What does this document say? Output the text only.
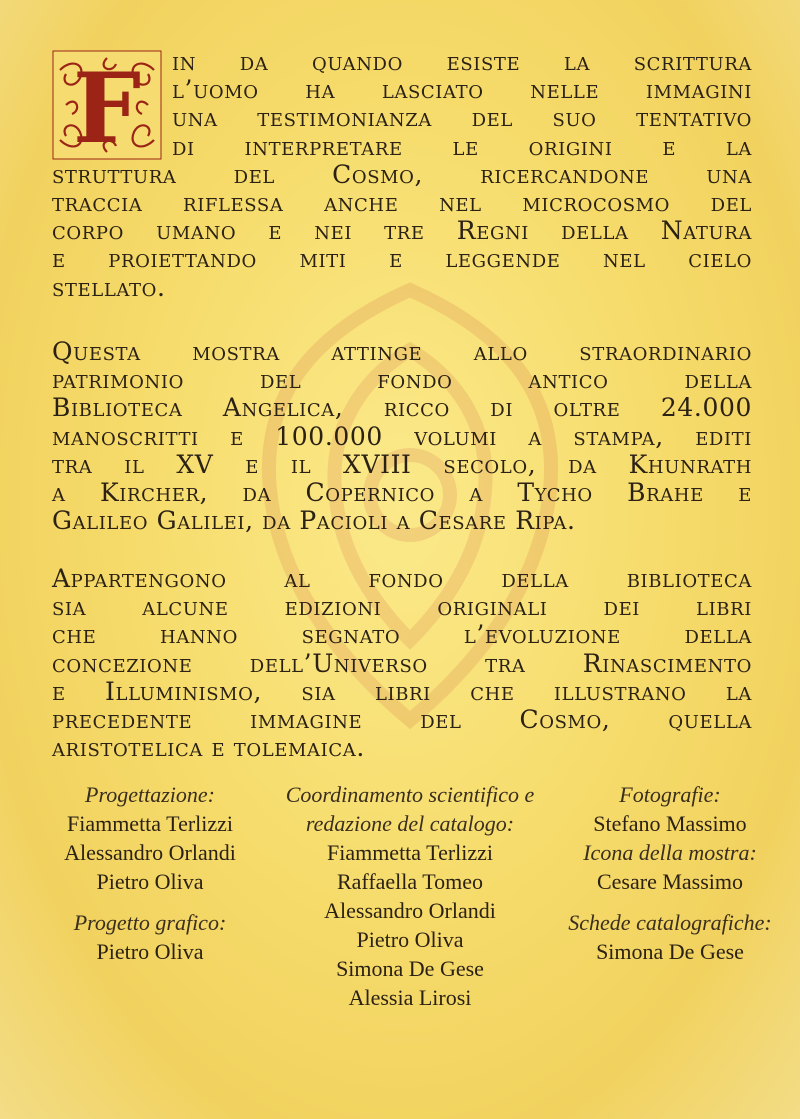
F in da quando esiste la scrittura
l’uomo ha lasciato nelle immagini
una testimonianza del suo tentativo
di interpretare le origini e la
struttura del Cosmo, ricercandone una
traccia riflessa anche nel microcosmo del
corpo umano e nei tre Regni della Natura
e proiettando miti e leggende nel cielo
stellato.
Questa mostra attinge allo straordinario
patrimonio del fondo antico della
Biblioteca Angelica, ricco di oltre 24.000
manoscritti e 100.000 volumi a stampa, editi
tra il XV e il XVIII secolo, da Khunrath
a Kircher, da Copernico a Tycho Brahe e
Galileo Galilei, da Pacioli a Cesare Ripa.
Appartengono al fondo della biblioteca
sia alcune edizioni originali dei libri
che hanno segnato l’evoluzione della
concezione dell’Universo tra Rinascimento
e Illuminismo, sia libri che illustrano la
precedente immagine del Cosmo, quella
aristotelica e tolemaica.
Progettazione:
Fiammetta Terlizzi
Alessandro Orlandi
Pietro Oliva
Progetto grafico:
Pietro Oliva
Coordinamento scientifico e
redazione del catalogo:
Fiammetta Terlizzi
Raffaella Tomeo
Alessandro Orlandi
Pietro Oliva
Simona De Gese
Alessia Lirosi
Fotografie:
Stefano Massimo
Icona della mostra:
Cesare Massimo
Schede catalografiche:
Simona De Gese
